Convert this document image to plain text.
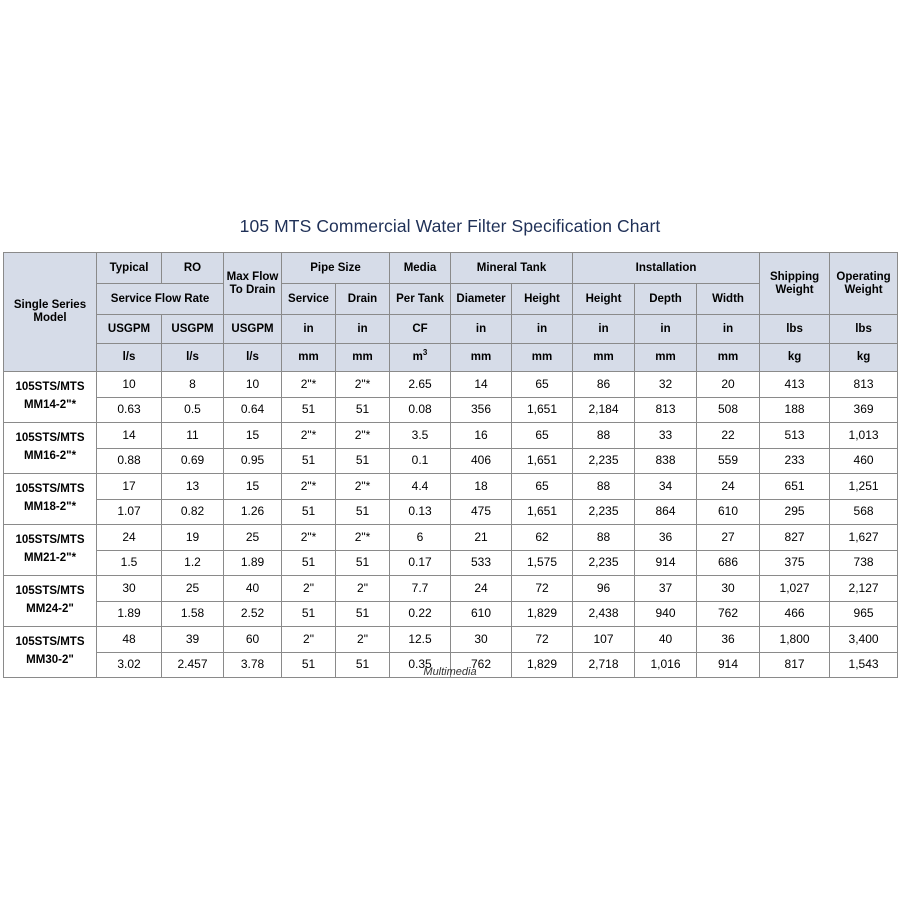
105 MTS Commercial Water Filter Specification Chart
Single Series Model	Typical	RO	Max Flow To Drain	Pipe Size		Media	Mineral Tank		Installation			Shipping Weight	Operating Weight
	Service Flow Rate			Service	Drain	Per Tank	Diameter	Height	Height	Depth	Width		
	USGPM	USGPM	USGPM	in	in	CF	in	in	in	in	in	lbs	lbs
	l/s	l/s	l/s	mm	mm	$m^3$	mm	mm	mm	mm	mm	kg	kg
105STS/MTS
MM14-2"*	10	8	10	2"*	2"*	2.65	14	65	86	32	20	413	813
	0.63	0.5	0.64	51	51	0.08	356	1,651	2,184	813	508	188	369
105STS/MTS
MM16-2"*	14	11	15	2"*	2"*	3.5	16	65	88	33	22	513	1,013
	0.88	0.69	0.95	51	51	0.1	406	1,651	2,235	838	559	233	460
105STS/MTS
MM18-2"*	17	13	15	2"*	2"*	4.4	18	65	88	34	24	651	1,251
	1.07	0.82	1.26	51	51	0.13	475	1,651	2,235	864	610	295	568
105STS/MTS
MM21-2"*	24	19	25	2"*	2"*	6	21	62	88	36	27	827	1,627
	1.5	1.2	1.89	51	51	0.17	533	1,575	2,235	914	686	375	738
105STS/MTS
MM24-2"	30	25	40	2"	2"	7.7	24	72	96	37	30	1,027	2,127
	1.89	1.58	2.52	51	51	0.22	610	1,829	2,438	940	762	466	965
105STS/MTS
MM30-2"	48	39	60	2"	2"	12.5	30	72	107	40	36	1,800	3,400
	3.02	2.457	3.78	51	51	0.35	762	1,829	2,718	1,016	914	817	1,543
Multimedia
